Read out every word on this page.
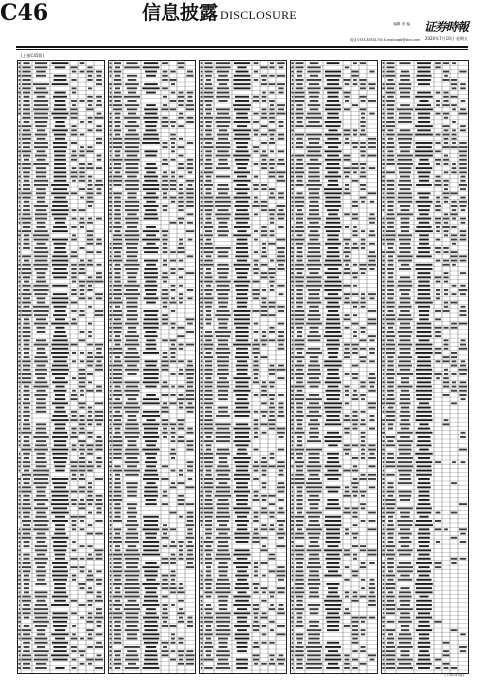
C46	信息披露 DISCLOSURE
编辑 美 编 证券時報
电话 0755-83501750 E-mail:zqsb@stcn.com 2020年7月10日 星期五
(上接C45版)
(下转C47版)
